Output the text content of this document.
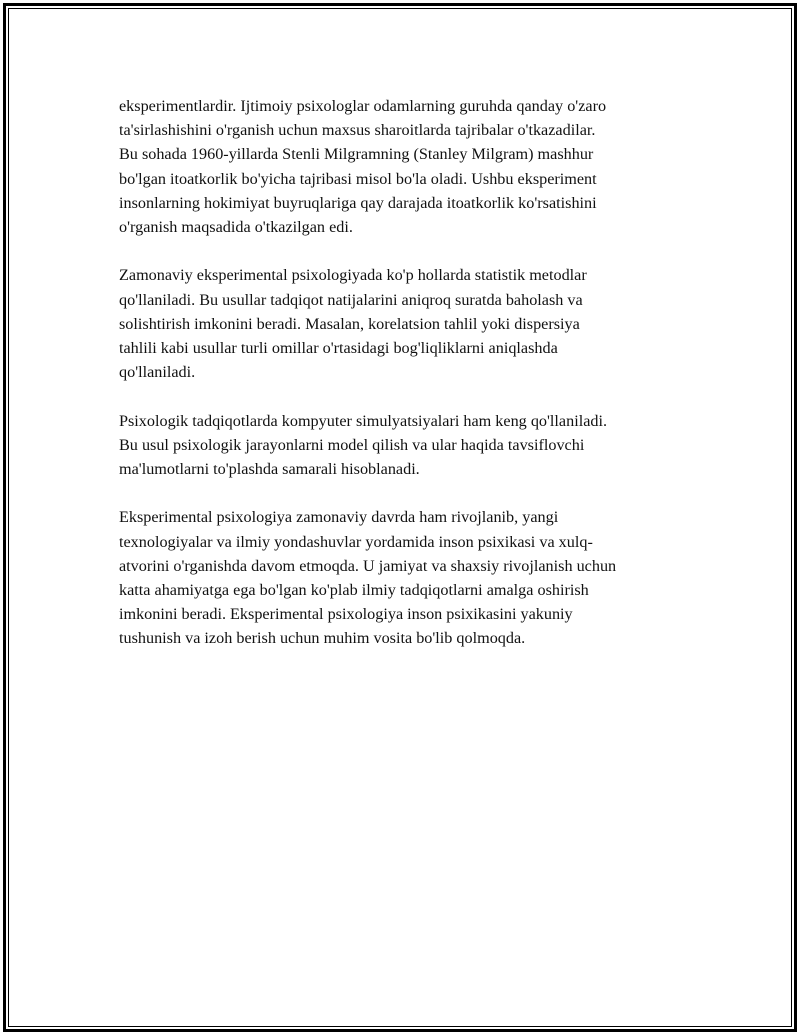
eksperimentlardir. Ijtimoiy psixologlar odamlarning guruhda qanday o'zaro
ta'sirlashishini o'rganish uchun maxsus sharoitlarda tajribalar o'tkazadilar.
Bu sohada 1960-yillarda Stenli Milgramning (Stanley Milgram) mashhur
bo'lgan itoatkorlik bo'yicha tajribasi misol bo'la oladi. Ushbu eksperiment
insonlarning hokimiyat buyruqlariga qay darajada itoatkorlik ko'rsatishini
o'rganish maqsadida o'tkazilgan edi.

Zamonaviy eksperimental psixologiyada ko'p hollarda statistik metodlar
qo'llaniladi. Bu usullar tadqiqot natijalarini aniqroq suratda baholash va
solishtirish imkonini beradi. Masalan, korelatsion tahlil yoki dispersiya
tahlili kabi usullar turli omillar o'rtasidagi bog'liqliklarni aniqlashda
qo'llaniladi.

Psixologik tadqiqotlarda kompyuter simulyatsiyalari ham keng qo'llaniladi.
Bu usul psixologik jarayonlarni model qilish va ular haqida tavsiflovchi
ma'lumotlarni to'plashda samarali hisoblanadi.

Eksperimental psixologiya zamonaviy davrda ham rivojlanib, yangi
texnologiyalar va ilmiy yondashuvlar yordamida inson psixikasi va xulq-
atvorini o'rganishda davom etmoqda. U jamiyat va shaxsiy rivojlanish uchun
katta ahamiyatga ega bo'lgan ko'plab ilmiy tadqiqotlarni amalga oshirish
imkonini beradi. Eksperimental psixologiya inson psixikasini yakuniy
tushunish va izoh berish uchun muhim vosita bo'lib qolmoqda.
